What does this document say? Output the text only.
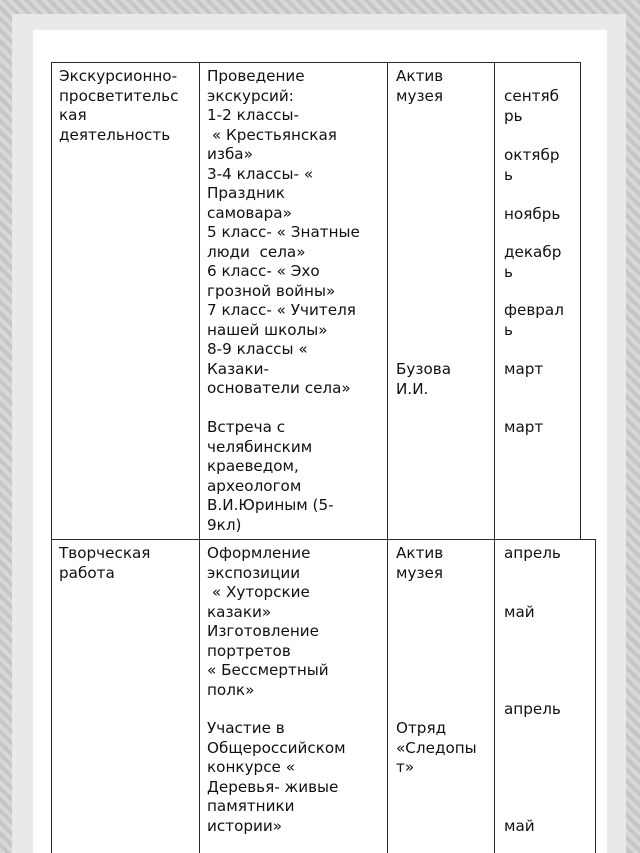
Экскурсионно-
просветительс
кая
деятельность

Проведение
экскурсий:
1-2 классы-
« Крестьянская
изба»
3-4 классы- «
Праздник
самовара»
5 класс- « Знатные
люди  села»
6 класс- « Эхо
грозной войны»
7 класс- « Учителя
нашей школы»
8-9 классы «
Казаки-
основатели села»

Встреча с
челябинским
краеведом,
археологом
В.И.Юриным (5-
9кл)

Актив
музея

Бузова
И.И.

сентяб
рь

октябр
ь

ноябрь

декабр
ь

феврал
ь

март

март

Творческая
работа

Оформление
экспозиции
« Хуторские
казаки»
Изготовление
портретов
« Бессмертный
полк»

Участие в
Общероссийском
конкурсе «
Деревья- живые
памятники
истории»

Актив
музея

Отряд
«Следопы
т»

апрель

май

апрель

май
